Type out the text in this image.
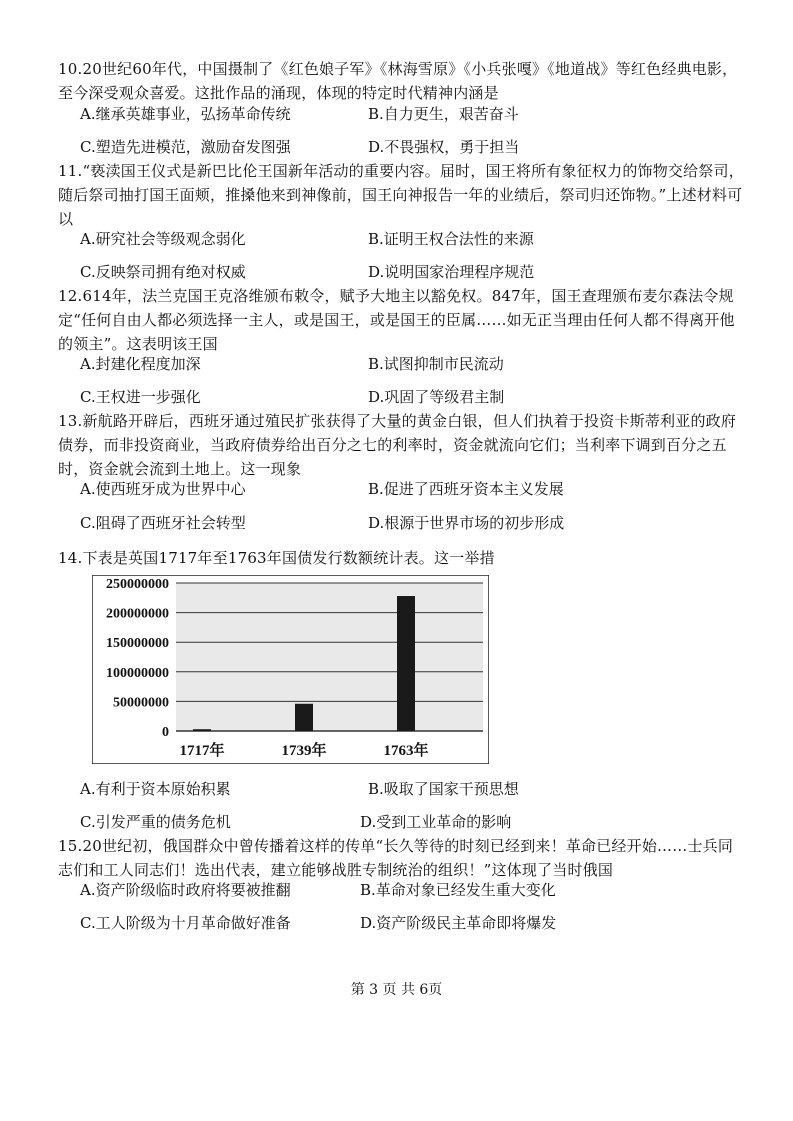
10.20世纪60年代，中国摄制了《红色娘子军》《林海雪原》《小兵张嘎》《地道战》等红色经典电影，至今深受观众喜爱。这批作品的涌现，体现的特定时代精神内涵是
A.继承英雄事业，弘扬革命传统	B.自力更生，艰苦奋斗
C.塑造先进模范，激励奋发图强	D.不畏强权，勇于担当
11.“亵渎国王仪式是新巴比伦王国新年活动的重要内容。届时，国王将所有象征权力的饰物交给祭司，随后祭司抽打国王面颊，推搡他来到神像前，国王向神报告一年的业绩后，祭司归还饰物。”上述材料可以
A.研究社会等级观念弱化	B.证明王权合法性的来源
C.反映祭司拥有绝对权威	D.说明国家治理程序规范
12.614年，法兰克国王克洛维颁布敕令，赋予大地主以豁免权。847年，国王查理颁布麦尔森法令规定“任何自由人都必须选择一主人，或是国王，或是国王的臣属……如无正当理由任何人都不得离开他的领主”。这表明该王国
A.封建化程度加深	B.试图抑制市民流动
C.王权进一步强化	D.巩固了等级君主制
13.新航路开辟后，西班牙通过殖民扩张获得了大量的黄金白银，但人们执着于投资卡斯蒂利亚的政府债券，而非投资商业，当政府债券给出百分之七的利率时，资金就流向它们；当利率下调到百分之五时，资金就会流到土地上。这一现象
A.使西班牙成为世界中心	B.促进了西班牙资本主义发展
C.阻碍了西班牙社会转型	D.根源于世界市场的初步形成
14.下表是英国1717年至1763年国债发行数额统计表。这一举措
250000000
200000000
150000000
100000000
50000000
0
1717年	1739年	1763年
A.有利于资本原始积累	B.吸取了国家干预思想
C.引发严重的债务危机	D.受到工业革命的影响
15.20世纪初，俄国群众中曾传播着这样的传单“长久等待的时刻已经到来！革命已经开始……士兵同志们和工人同志们！选出代表，建立能够战胜专制统治的组织！”这体现了当时俄国
A.资产阶级临时政府将要被推翻	B.革命对象已经发生重大变化
C.工人阶级为十月革命做好准备	D.资产阶级民主革命即将爆发
第 3 页 共 6页
